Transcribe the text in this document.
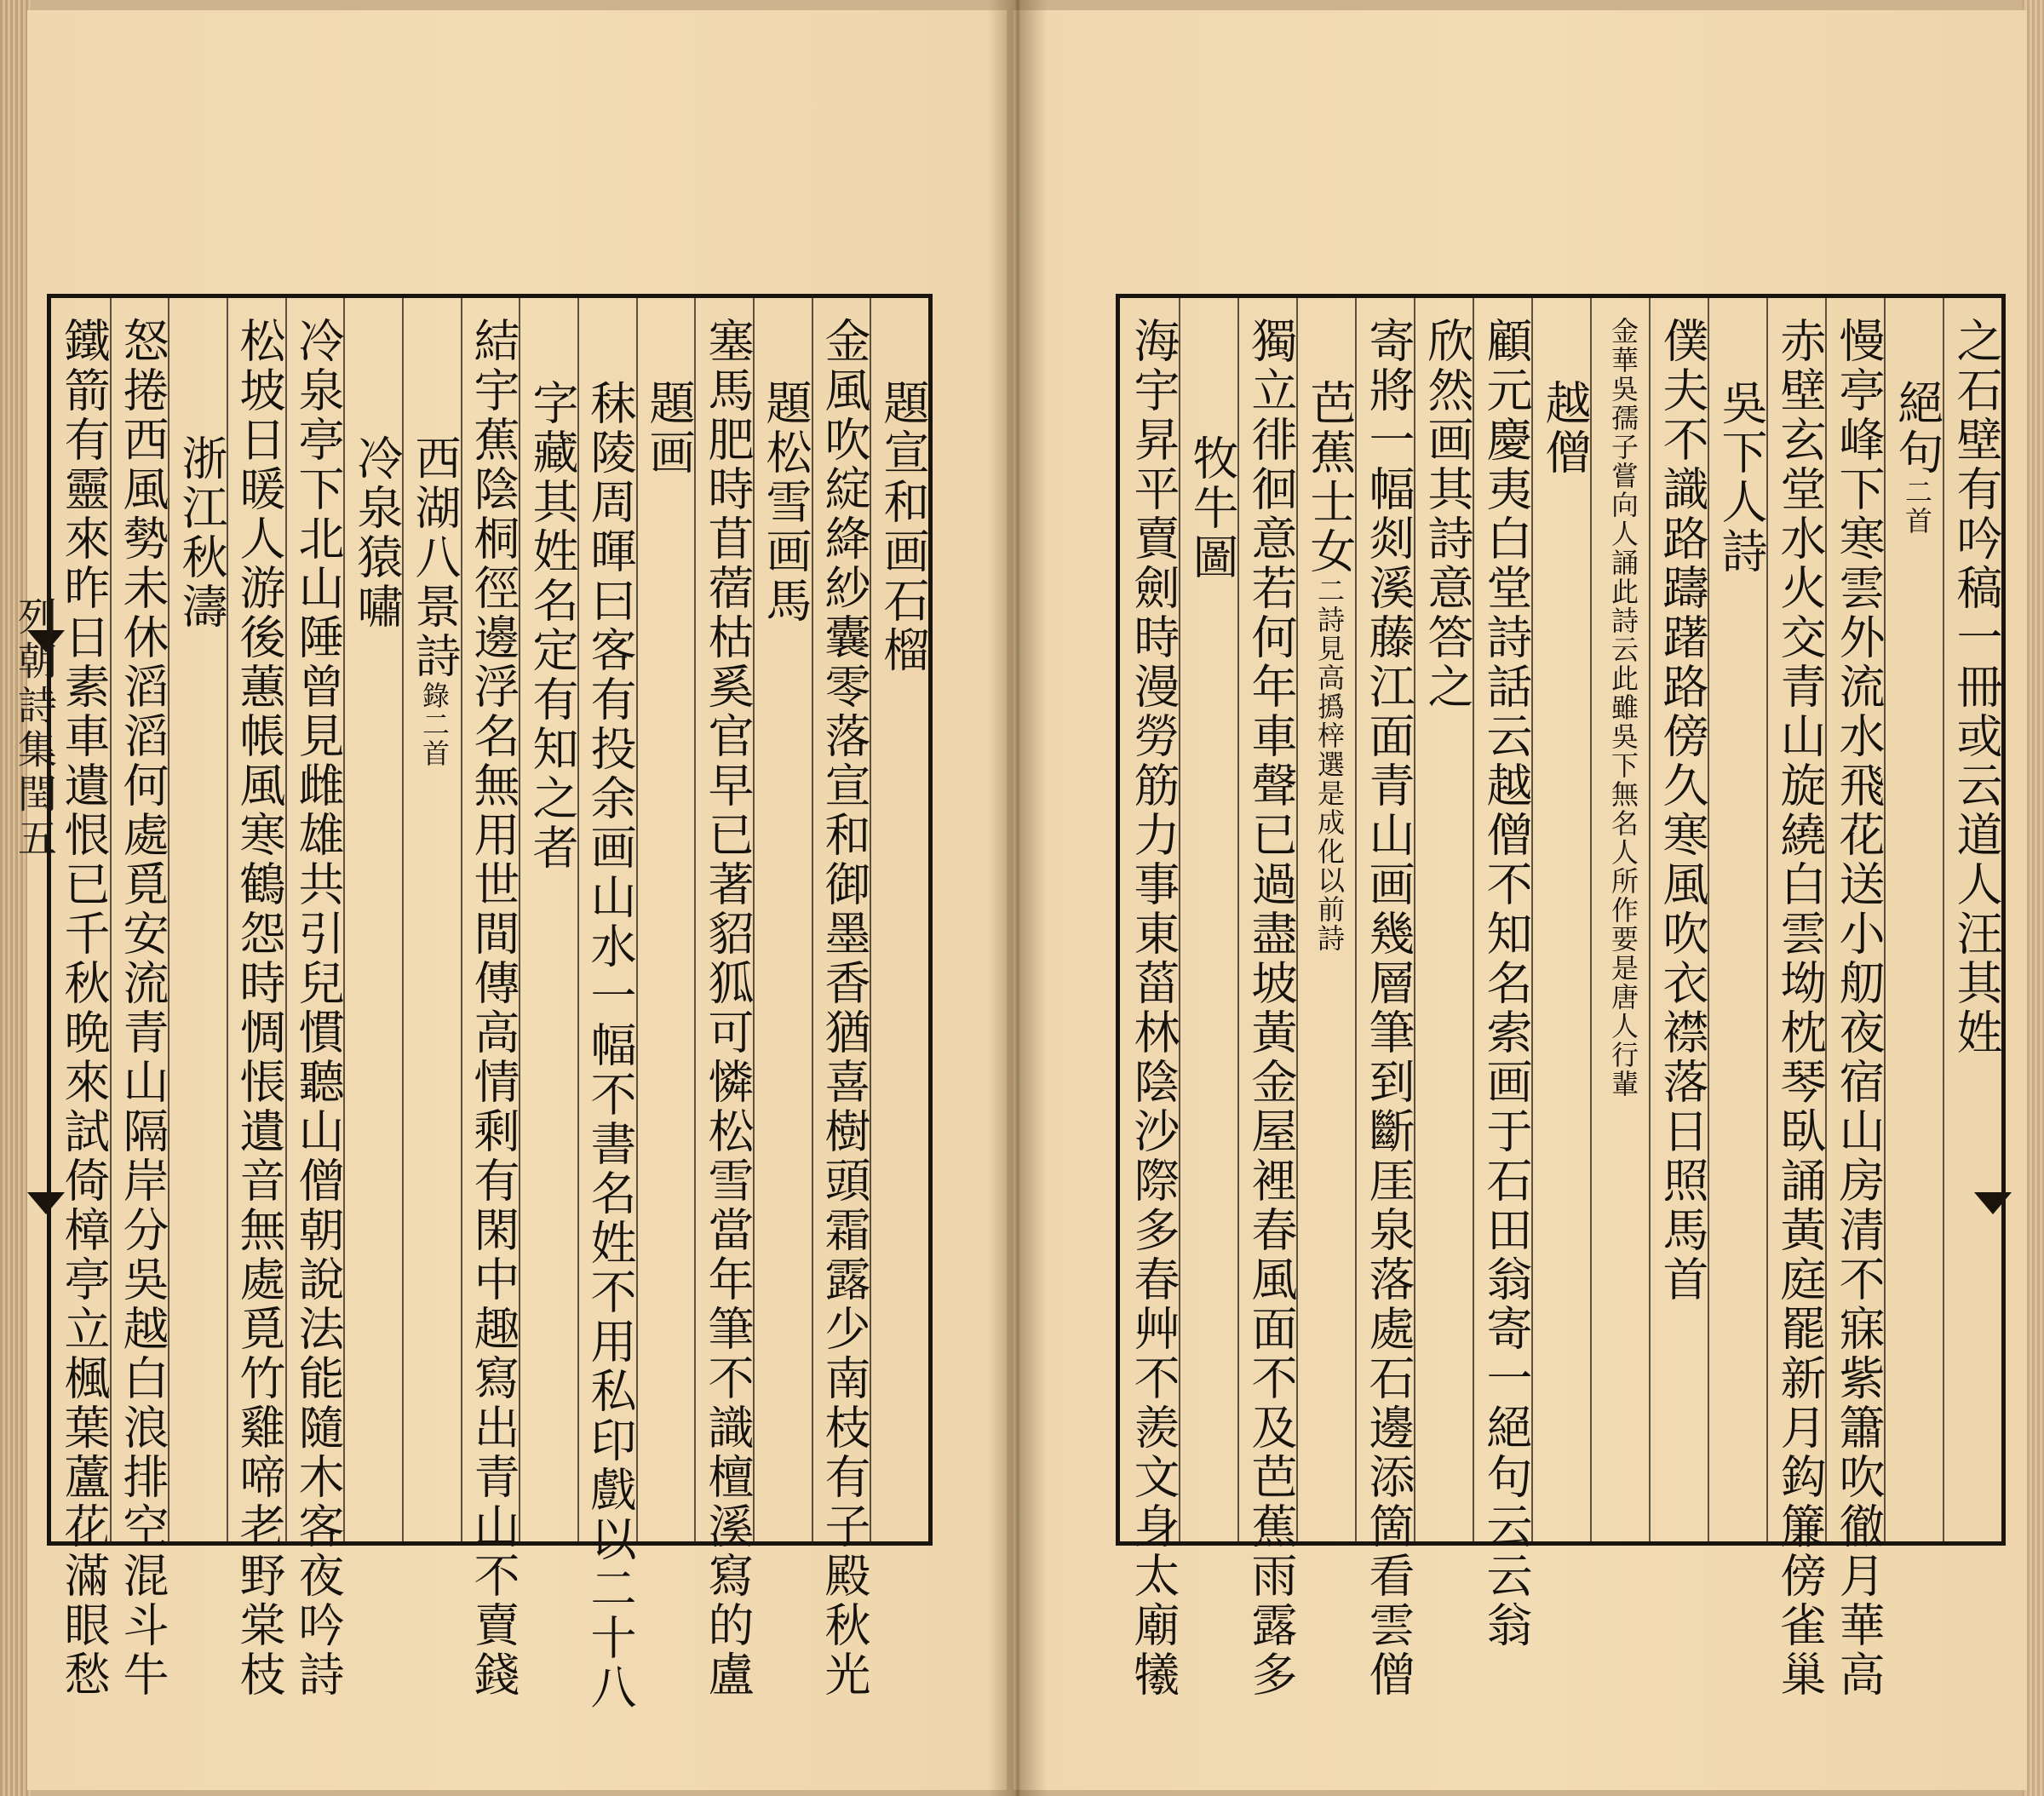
列朝詩集閏五
題宣和画石榴
金風吹綻絳紗囊零落宣和御墨香猶喜樹頭霜露少南枝有子殿秋光
題松雪画馬
塞馬肥時苜蓿枯奚官早已著貂狐可憐松雪當年筆不識檀溪寫的盧
題画
秣陵周暉曰客有投余画山水一幅不書名姓不用私印戲以二十八
字藏其姓名定有知之者
結宇蕉陰桐徑邊浮名無用世間傳高情剩有閑中趣寫出青山不賣錢
西湖八景詩錄二首
冷泉猿嘯
冷泉亭下北山陲曾見雌雄共引兒慣聽山僧朝說法能隨木客夜吟詩
松坡日暖人游後蕙帳風寒鶴怨時惆悵遺音無處覓竹雞啼老野棠枝
浙江秋濤
怒捲西風勢未休滔滔何處覓安流青山隔岸分吳越白浪排空混斗牛
鐵箭有靈來昨日素車遺恨已千秋晩來試倚樟亭立楓葉蘆花滿眼愁	之石壁有吟稿一冊或云道人汪其姓
絕句二首
慢亭峰下寒雲外流水飛花送小舠夜宿山房清不寐紫簫吹徹月華高
赤壁玄堂水火交青山旋繞白雲坳枕琴臥誦黃庭罷新月鈎簾傍雀巢
吳下人詩
僕夫不識路躊躇路傍久寒風吹衣襟落日照馬首
金華吳孺子嘗向人誦此詩云此雖吳下無名人所作要是唐人行輩
越僧
顧元慶夷白堂詩話云越僧不知名索画于石田翁寄一絕句云云翁
欣然画其詩意答之
寄將一幅剡溪藤江面青山画幾層筆到斷厓泉落處石邊添箇看雲僧
芭蕉士女二詩見高撝梓選是成化以前詩
獨立徘徊意若何年車聲已過盡坡黃金屋裡春風面不及芭蕉雨露多
牧牛圖
海宇昇平賣劍時漫勞筋力事東菑林陰沙際多春艸不羨文身太廟犧
